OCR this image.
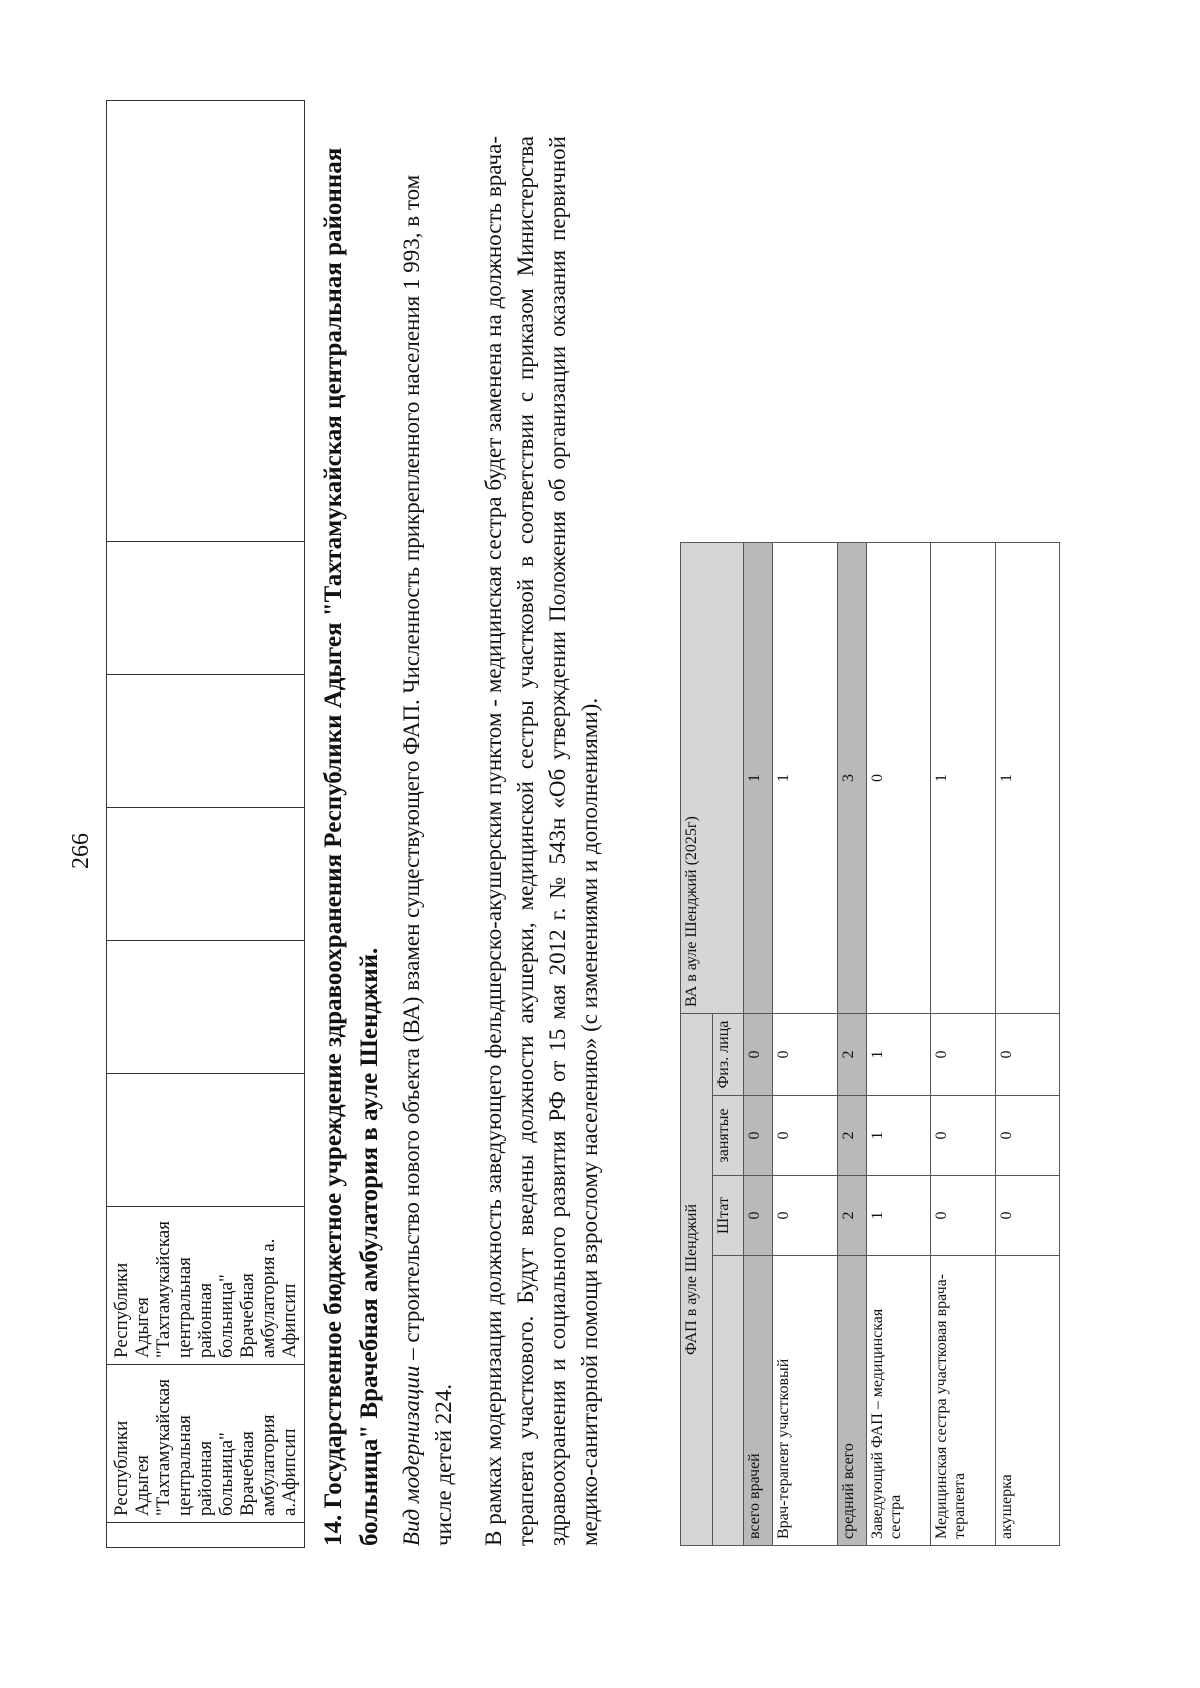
266
	Республики Адыгея "Тахтамукайская центральная районная больница" Врачебная амбулатория а.Афипсип	Республики Адыгея "Тахтамукайская центральная районная больница" Врачебная амбулатория а. Афипсип						14. Государственное бюджетное учреждение здравоохранения Республики Адыгея "Тахтамукайская центральная районная больница" Врачебная амбулатория в ауле Шенджий. Вид модернизации – строительство нового объекта (ВА) взамен существующего ФАП. Численность прикрепленного населения 1 993, в том числе детей 224. В рамках модернизации должность заведующего фельдшерско-акушерским пунктом - медицинская сестра будет заменена на должность врача- терапевта участкового. Будут введены должности акушерки, медицинской сестры участковой в соответствии с приказом Министерства здравоохранения и социального развития РФ от 15 мая 2012 г. № 543н «Об утверждении Положения об организации оказания первичной медико-санитарной помощи взрослому населению» (с изменениями и дополнениями).	ФАП в ауле Шенджий				ВА в ауле Шенджий (2025г)
	Штат	занятые	Физ. лица	
всего врачей	0	0	0	1
Врач-терапевт участковый	0	0	0	1
средний всего	2	2	2	3
Заведующий ФАП – медицинская сестра	1	1	1	0
Медицинская сестра участковая врача-терапевта	0	0	0	1
акушерка	0	0	0	1
